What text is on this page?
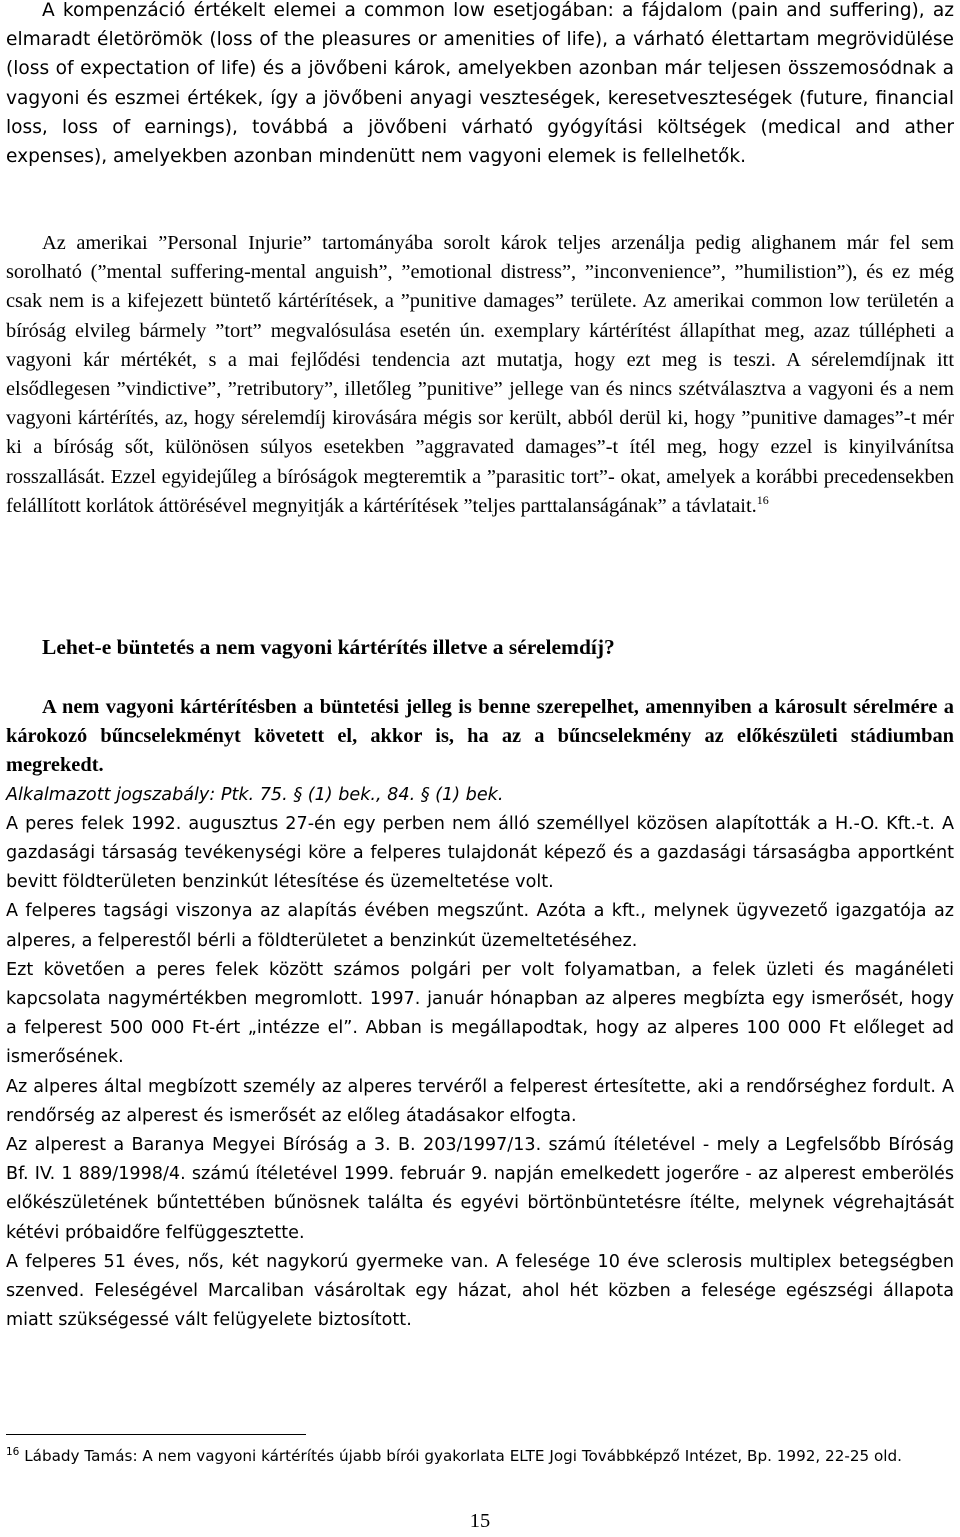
A kompenzáció értékelt elemei a common low esetjogában: a fájdalom (pain and suffering), az elmaradt életörömök (loss of the pleasures or amenities of life), a várható élettartam megrövidülése (loss of expectation of life) és a jövőbeni károk, amelyekben azonban már teljesen összemosódnak a vagyoni és eszmei értékek, így a jövőbeni anyagi veszteségek, keresetveszteségek (future, financial loss, loss of earnings), továbbá a jövőbeni várható gyógyítási költségek (medical and ather expenses), amelyekben azonban mindenütt nem vagyoni elemek is fellelhetők.

Az amerikai ”Personal Injurie” tartományába sorolt károk teljes arzenálja pedig alighanem már fel sem sorolható (”mental suffering-mental anguish”, ”emotional distress”, ”inconvenience”, ”humilistion”), és ez még csak nem is a kifejezett büntető kártérítések, a ”punitive damages” területe. Az amerikai common low területén a bíróság elvileg bármely ”tort” megvalósulása esetén ún. exemplary kártérítést állapíthat meg, azaz túllépheti a vagyoni kár mértékét, s a mai fejlődési tendencia azt mutatja, hogy ezt meg is teszi. A sérelemdíjnak itt elsődlegesen ”vindictive”, ”retributory”, illetőleg ”punitive” jellege van és nincs szétválasztva a vagyoni és a nem vagyoni kártérítés, az, hogy sérelemdíj kirovására mégis sor került, abból derül ki, hogy ”punitive damages”-t mér ki a bíróság sőt, különösen súlyos esetekben ”aggravated damages”-t ítél meg, hogy ezzel is kinyilvánítsa rosszallását. Ezzel egyidejűleg a bíróságok megteremtik a ”parasitic tort”- okat, amelyek a korábbi precedensekben felállított korlátok áttörésével megnyitják a kártérítések ”teljes parttalanságának” a távlatait.$^{16}$

Lehet-e büntetés a nem vagyoni kártérítés illetve a sérelemdíj?

A nem vagyoni kártérítésben a büntetési jelleg is benne szerepelhet, amennyiben a károsult sérelmére a károkozó bűncselekményt követett el, akkor is, ha az a bűncselekmény az előkészületi stádiumban megrekedt.

Alkalmazott jogszabály: Ptk. 75. § (1) bek., 84. § (1) bek.

A peres felek 1992. augusztus 27-én egy perben nem álló személlyel közösen alapították a H.-O. Kft.-t. A gazdasági társaság tevékenységi köre a felperes tulajdonát képező és a gazdasági társaságba apportként bevitt földterületen benzinkút létesítése és üzemeltetése volt.

A felperes tagsági viszonya az alapítás évében megszűnt. Azóta a kft., melynek ügyvezető igazgatója az alperes, a felperestől bérli a földterületet a benzinkút üzemeltetéséhez.

Ezt követően a peres felek között számos polgári per volt folyamatban, a felek üzleti és magánéleti kapcsolata nagymértékben megromlott. 1997. január hónapban az alperes megbízta egy ismerősét, hogy a felperest 500 000 Ft-ért „intézze el”. Abban is megállapodtak, hogy az alperes 100 000 Ft előleget ad ismerősének.

Az alperes által megbízott személy az alperes tervéről a felperest értesítette, aki a rendőrséghez fordult. A rendőrség az alperest és ismerősét az előleg átadásakor elfogta.

Az alperest a Baranya Megyei Bíróság a 3. B. 203/1997/13. számú ítéletével - mely a Legfelsőbb Bíróság Bf. IV. 1 889/1998/4. számú ítéletével 1999. február 9. napján emelkedett jogerőre - az alperest emberölés előkészületének bűntettében bűnösnek találta és egyévi börtönbüntetésre ítélte, melynek végrehajtását kétévi próbaidőre felfüggesztette.

A felperes 51 éves, nős, két nagykorú gyermeke van. A felesége 10 éve sclerosis multiplex betegségben szenved. Feleségével Marcaliban vásároltak egy házat, ahol hét közben a felesége egészségi állapota miatt szükségessé vált felügyelete biztosított.

$^{16}$ Lábady Tamás: A nem vagyoni kártérítés újabb bírói gyakorlata ELTE Jogi Továbbképző Intézet, Bp. 1992, 22-25 old.

15
